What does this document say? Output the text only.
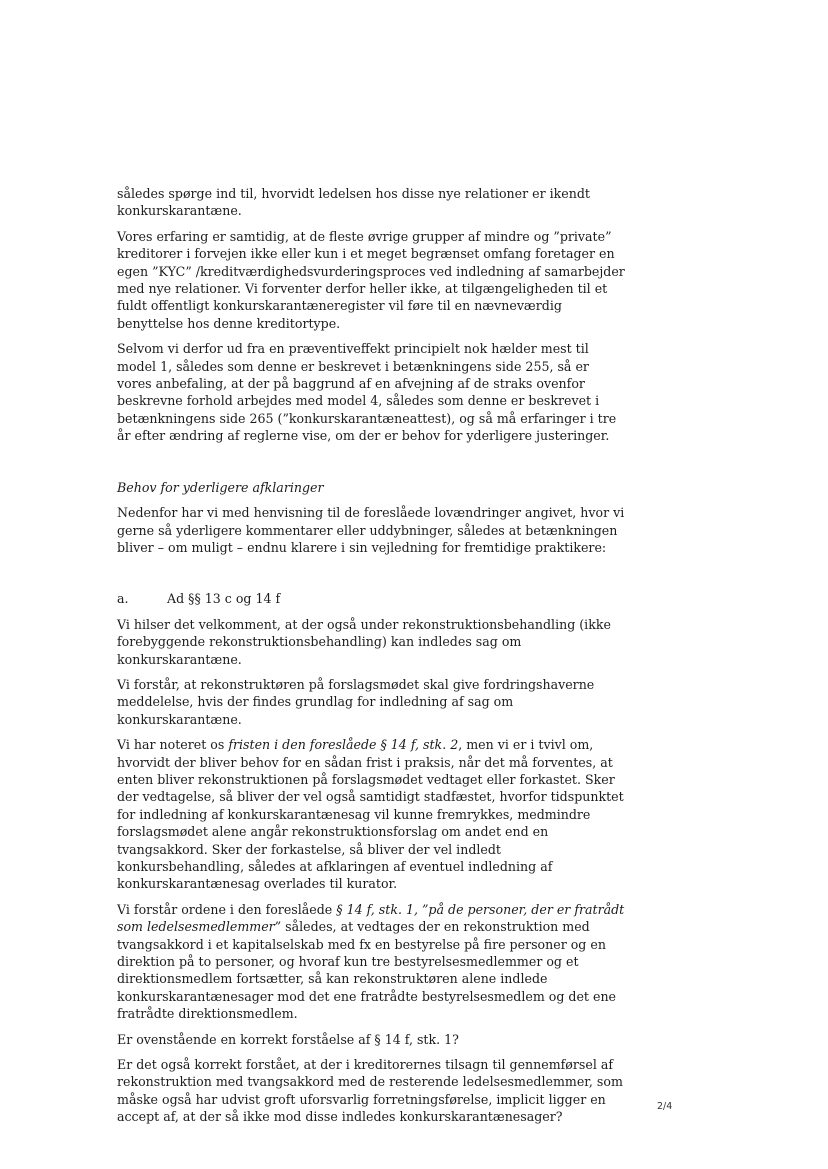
således spørge ind til, hvorvidt ledelsen hos disse nye relationer er ikendt konkurskarantæne.

Vores erfaring er samtidig, at de fleste øvrige grupper af mindre og ”private” kreditorer i forvejen ikke eller kun i et meget begrænset omfang foretager en egen ”KYC” /kreditværdighedsvurderingsproces ved indledning af samarbejder med nye relationer. Vi forventer derfor heller ikke, at tilgængeligheden til et fuldt offentligt konkurskarantæneregister vil føre til en nævneværdig benyttelse hos denne kreditortype.

Selvom vi derfor ud fra en præventiveffekt principielt nok hælder mest til model 1, således som denne er beskrevet i betænkningens side 255, så er vores anbefaling, at der på baggrund af en afvejning af de straks ovenfor beskrevne forhold arbejdes med model 4, således som denne er beskrevet i betænkningens side 265 (”konkurskarantæneattest), og så må erfaringer i tre år efter ændring af reglerne vise, om der er behov for yderligere justeringer.

Behov for yderligere afklaringer

Nedenfor har vi med henvisning til de foreslåede lovændringer angivet, hvor vi gerne så yderligere kommentarer eller uddybninger, således at betænkningen bliver – om muligt – endnu klarere i sin vejledning for fremtidige praktikere:

a.	Ad §§ 13 c og 14 f

Vi hilser det velkomment, at der også under rekonstruktionsbehandling (ikke forebyggende rekonstruktionsbehandling) kan indledes sag om konkurskarantæne.

Vi forstår, at rekonstruktøren på forslagsmødet skal give fordringshaverne meddelelse, hvis der findes grundlag for indledning af sag om konkurskarantæne.

Vi har noteret os fristen i den foreslåede § 14 f, stk. 2, men vi er i tvivl om, hvorvidt der bliver behov for en sådan frist i praksis, når det må forventes, at enten bliver rekonstruktionen på forslagsmødet vedtaget eller forkastet. Sker der vedtagelse, så bliver der vel også samtidigt stadfæstet, hvorfor tidspunktet for indledning af konkurskarantænesag vil kunne fremrykkes, medmindre forslagsmødet alene angår rekonstruktionsforslag om andet end en tvangsakkord. Sker der forkastelse, så bliver der vel indledt konkursbehandling, således at afklaringen af eventuel indledning af konkurskarantænesag overlades til kurator.

Vi forstår ordene i den foreslåede § 14 f, stk. 1, ”på de personer, der er fratrådt som ledelsesmedlemmer” således, at vedtages der en rekonstruktion med tvangsakkord i et kapitalselskab med fx en bestyrelse på fire personer og en direktion på to personer, og hvoraf kun tre bestyrelsesmedlemmer og et direktionsmedlem fortsætter, så kan rekonstruktøren alene indlede konkurskarantænesager mod det ene fratrådte bestyrelsesmedlem og det ene fratrådte direktionsmedlem.

Er ovenstående en korrekt forståelse af § 14 f, stk. 1?

Er det også korrekt forstået, at der i kreditorernes tilsagn til gennemførsel af rekonstruktion med tvangsakkord med de resterende ledelsesmedlemmer, som måske også har udvist groft uforsvarlig forretningsførelse, implicit ligger en accept af, at der så ikke mod disse indledes konkurskarantænesager?

2/4
